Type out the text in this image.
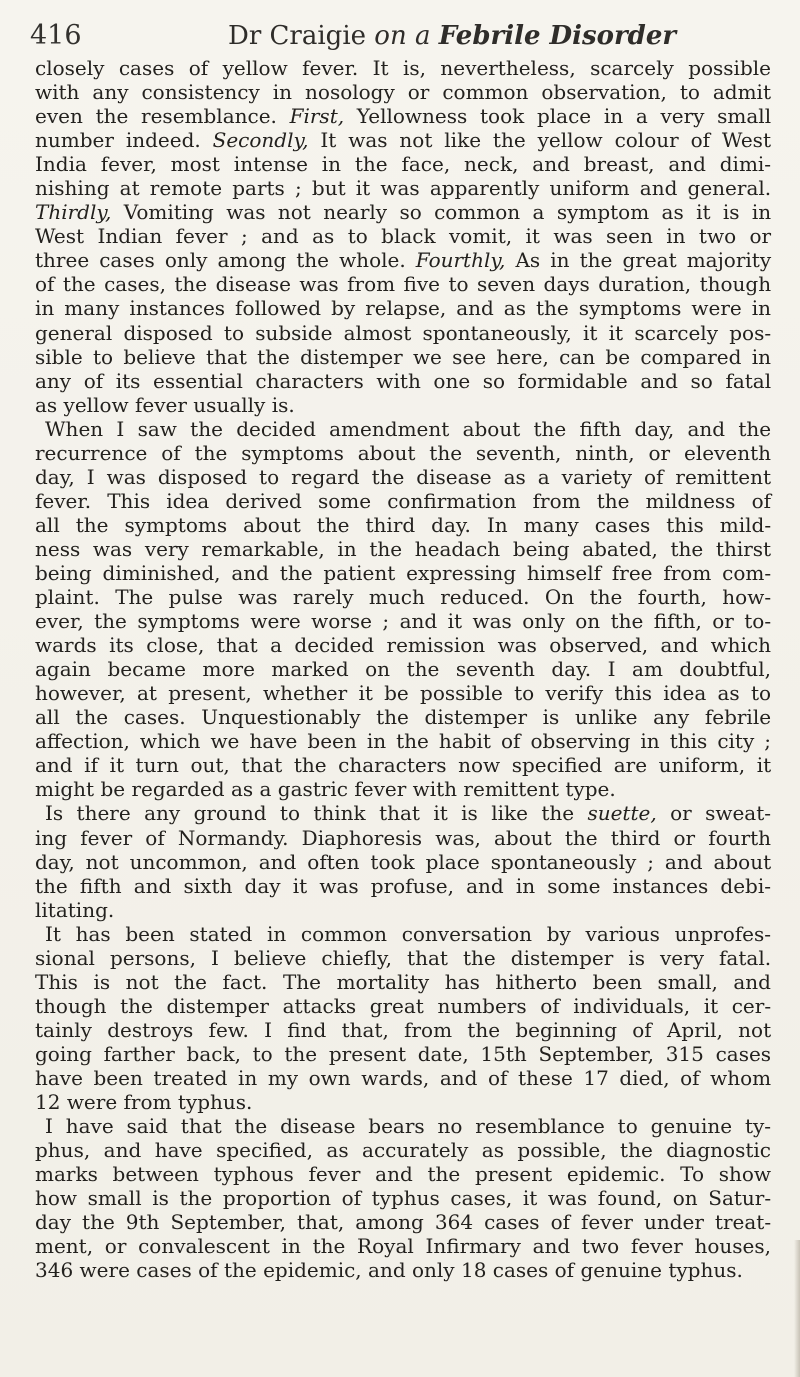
416	Dr Craigie on a Febrile Disorder
closely cases of yellow fever. It is, nevertheless, scarcely possible
with any consistency in nosology or common observation, to admit
even the resemblance. First, Yellowness took place in a very small
number indeed. Secondly, It was not like the yellow colour of West
India fever, most intense in the face, neck, and breast, and dimi-
nishing at remote parts ; but it was apparently uniform and general.
Thirdly, Vomiting was not nearly so common a symptom as it is in
West Indian fever ; and as to black vomit, it was seen in two or
three cases only among the whole. Fourthly, As in the great majority
of the cases, the disease was from five to seven days duration, though
in many instances followed by relapse, and as the symptoms were in
general disposed to subside almost spontaneously, it it scarcely pos-
sible to believe that the distemper we see here, can be compared in
any of its essential characters with one so formidable and so fatal
as yellow fever usually is.
When I saw the decided amendment about the fifth day, and the
recurrence of the symptoms about the seventh, ninth, or eleventh
day, I was disposed to regard the disease as a variety of remittent
fever. This idea derived some confirmation from the mildness of
all the symptoms about the third day. In many cases this mild-
ness was very remarkable, in the headach being abated, the thirst
being diminished, and the patient expressing himself free from com-
plaint. The pulse was rarely much reduced. On the fourth, how-
ever, the symptoms were worse ; and it was only on the fifth, or to-
wards its close, that a decided remission was observed, and which
again became more marked on the seventh day. I am doubtful,
however, at present, whether it be possible to verify this idea as to
all the cases. Unquestionably the distemper is unlike any febrile
affection, which we have been in the habit of observing in this city ;
and if it turn out, that the characters now specified are uniform, it
might be regarded as a gastric fever with remittent type.
Is there any ground to think that it is like the suette, or sweat-
ing fever of Normandy. Diaphoresis was, about the third or fourth
day, not uncommon, and often took place spontaneously ; and about
the fifth and sixth day it was profuse, and in some instances debi-
litating.
It has been stated in common conversation by various unprofes-
sional persons, I believe chiefly, that the distemper is very fatal.
This is not the fact. The mortality has hitherto been small, and
though the distemper attacks great numbers of individuals, it cer-
tainly destroys few. I find that, from the beginning of April, not
going farther back, to the present date, 15th September, 315 cases
have been treated in my own wards, and of these 17 died, of whom
12 were from typhus.
I have said that the disease bears no resemblance to genuine ty-
phus, and have specified, as accurately as possible, the diagnostic
marks between typhous fever and the present epidemic. To show
how small is the proportion of typhus cases, it was found, on Satur-
day the 9th September, that, among 364 cases of fever under treat-
ment, or convalescent in the Royal Infirmary and two fever houses,
346 were cases of the epidemic, and only 18 cases of genuine typhus.
